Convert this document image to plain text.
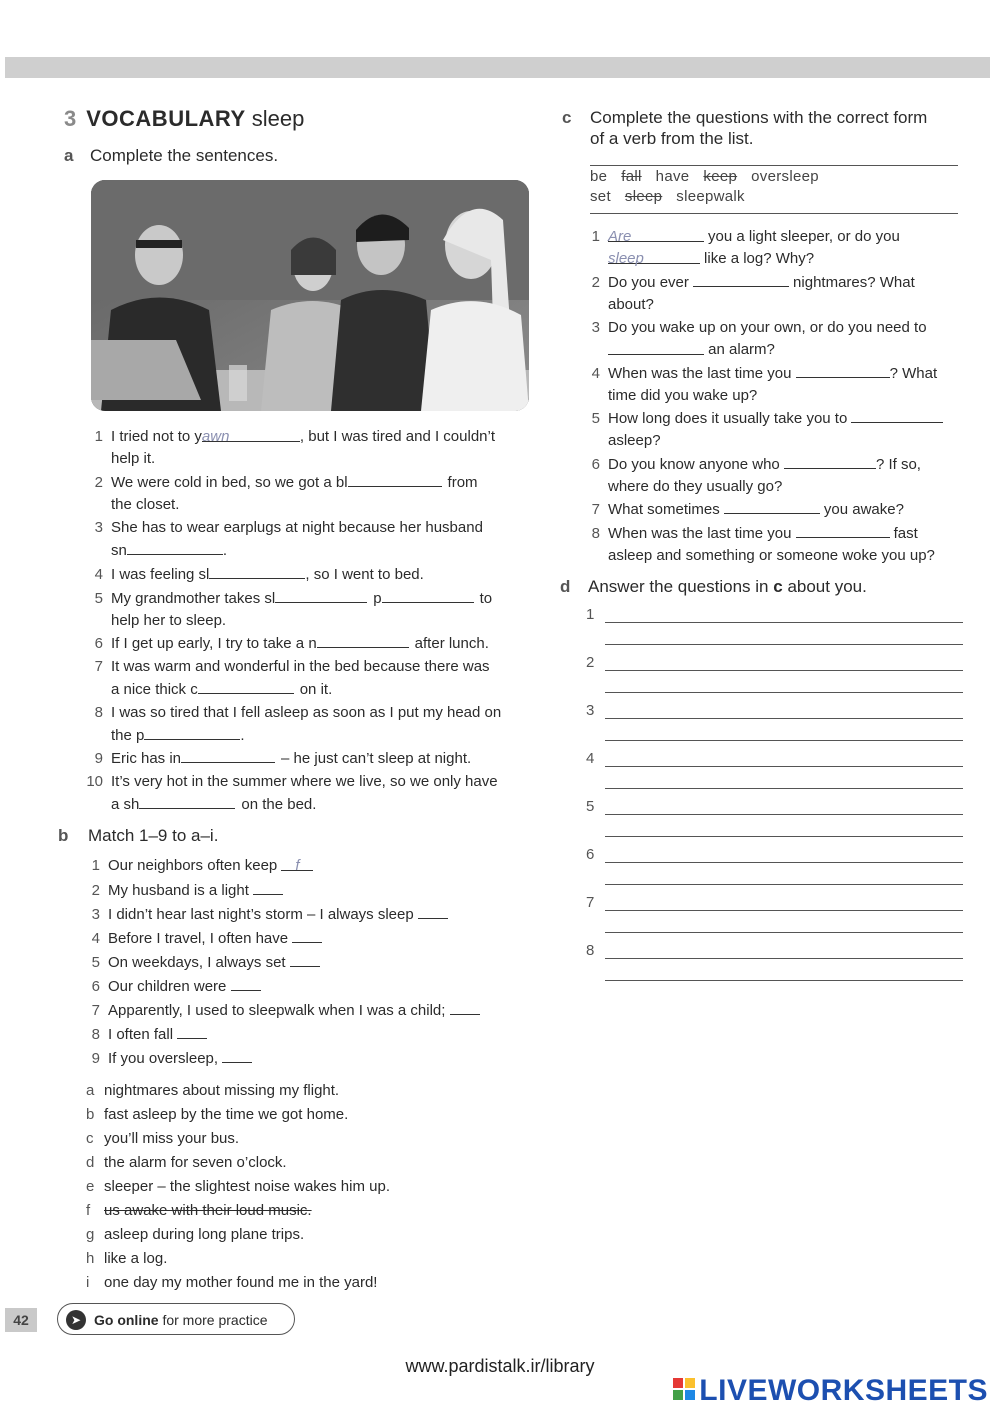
3 VOCABULARY sleep
a Complete the sentences.
1 I tried not to yawn	, but I was tired and I couldn’t
help it.
2 We were cold in bed, so we got a bl	from
the closet.
3 She has to wear earplugs at night because her husband
sn	.
4 I was feeling sl	, so I went to bed.
5 My grandmother takes sl	p	to
help her to sleep.
6 If I get up early, I try to take a n	after lunch.
7 It was warm and wonderful in the bed because there was
a nice thick c	on it.
8 I was so tired that I fell asleep as soon as I put my head on
the p	.
9 Eric has in	– he just can’t sleep at night.
10 It’s very hot in the summer where we live, so we only have
a sh	on the bed.
b Match 1–9 to a–i.
1 Our neighbors often keep f
2 My husband is a light
3 I didn’t hear last night’s storm – I always sleep
4 Before I travel, I often have
5 On weekdays, I always set
6 Our children were
7 Apparently, I used to sleepwalk when I was a child;
8 I often fall
9 If you oversleep,
a nightmares about missing my flight.
b fast asleep by the time we got home.
c you’ll miss your bus.
d the alarm for seven o’clock.
e sleeper – the slightest noise wakes him up.
f us awake with their loud music.
g asleep during long plane trips.
h like a log.
i one day my mother found me in the yard!
c Complete the questions with the correct form
of a verb from the list.
be fall have keep oversleep
set sleep sleepwalk
1 Are	you a light sleeper, or do you
sleep	like a log? Why?
2 Do you ever	nightmares? What
about?
3 Do you wake up on your own, or do you need to
an alarm?
4 When was the last time you	? What
time did you wake up?
5 How long does it usually take you to
asleep?
6 Do you know anyone who	? If so,
where do they usually go?
7 What sometimes	you awake?
8 When was the last time you	fast
asleep and something or someone woke you up?
d Answer the questions in c about you.
1
2
3
4
5
6
7
8
42	➤ Go online for more practice
www.pardistalk.ir/library
LIVEWORKSHEETS
